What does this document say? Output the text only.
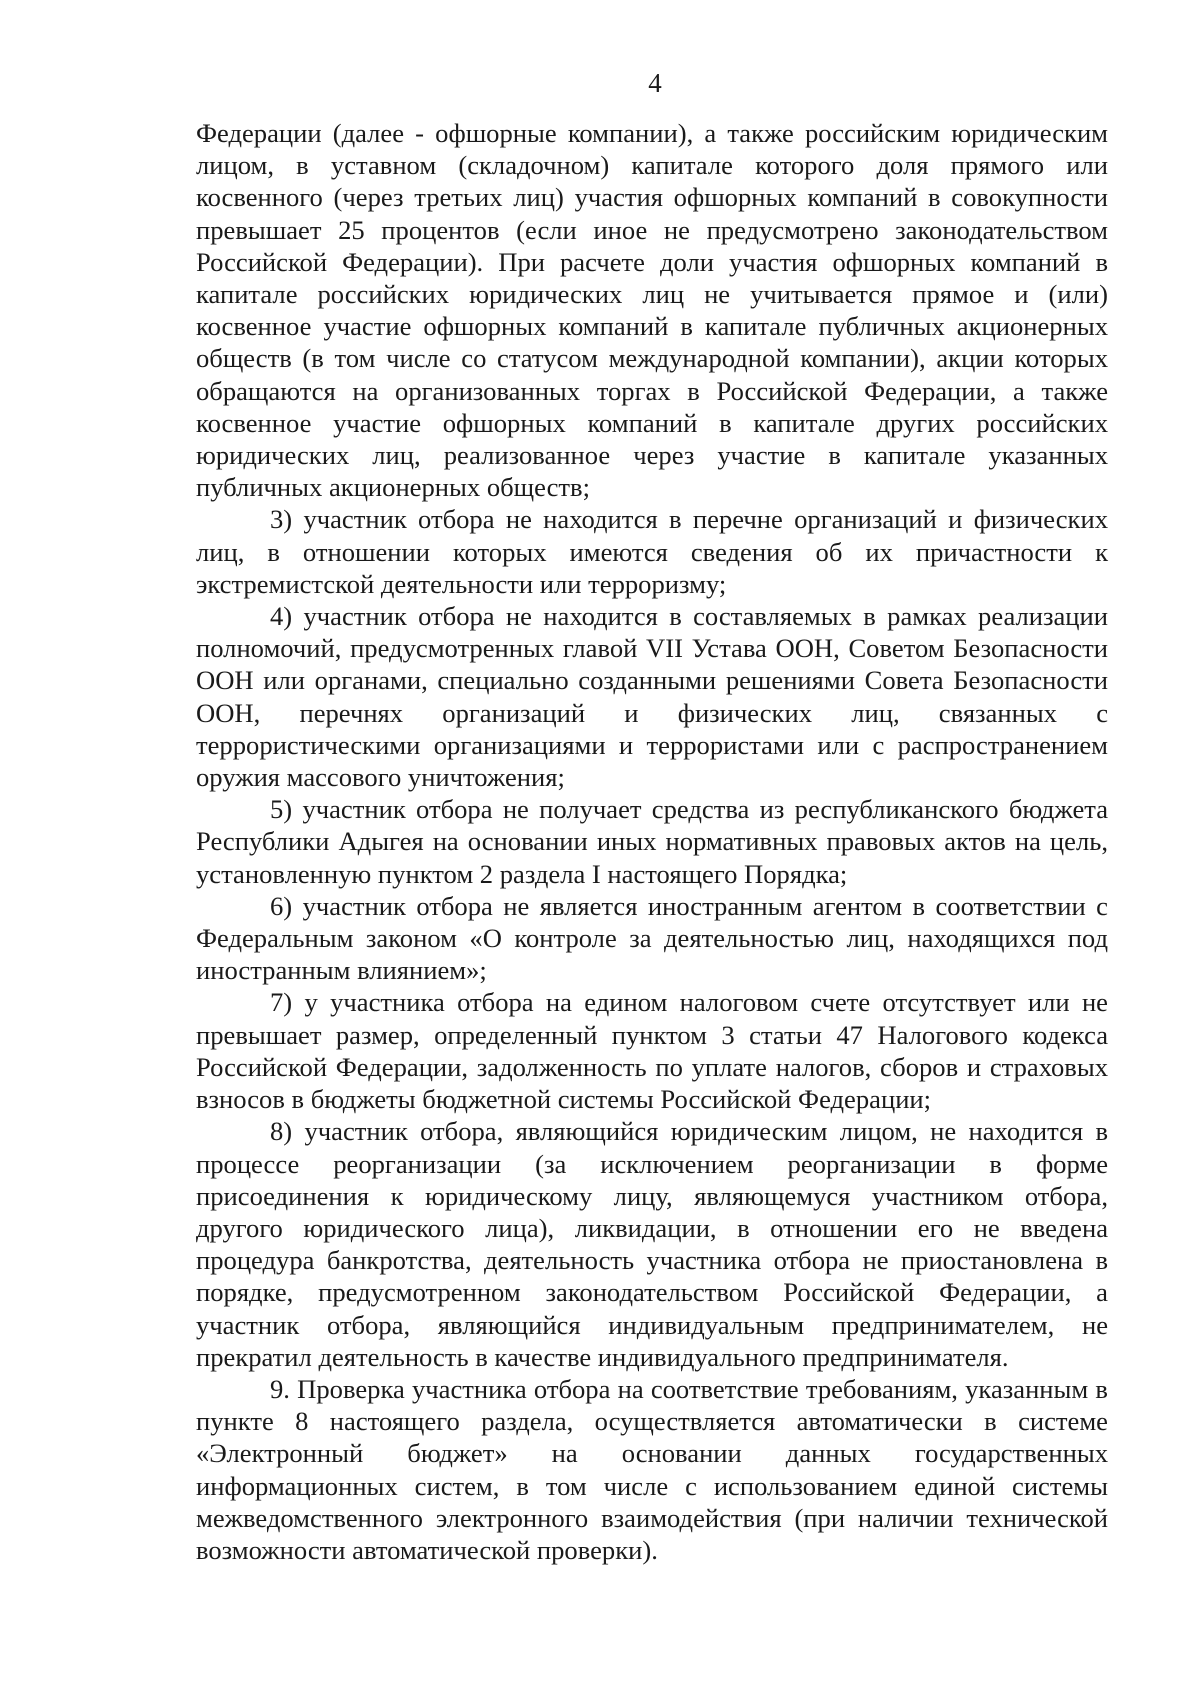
4

Федерации (далее - офшорные компании), а также российским юридическим лицом, в уставном (складочном) капитале которого доля прямого или косвенного (через третьих лиц) участия офшорных компаний в совокупности превышает 25 процентов (если иное не предусмотрено законодательством Российской Федерации). При расчете доли участия офшорных компаний в капитале российских юридических лиц не учитывается прямое и (или) косвенное участие офшорных компаний в капитале публичных акционерных обществ (в том числе со статусом международной компании), акции которых обращаются на организованных торгах в Российской Федерации, а также косвенное участие офшорных компаний в капитале других российских юридических лиц, реализованное через участие в капитале указанных публичных акционерных обществ;

3) участник отбора не находится в перечне организаций и физических лиц, в отношении которых имеются сведения об их причастности к экстремистской деятельности или терроризму;

4) участник отбора не находится в составляемых в рамках реализации полномочий, предусмотренных главой VII Устава ООН, Советом Безопасности ООН или органами, специально созданными решениями Совета Безопасности ООН, перечнях организаций и физических лиц, связанных с террористическими организациями и террористами или с распространением оружия массового уничтожения;

5) участник отбора не получает средства из республиканского бюджета Республики Адыгея на основании иных нормативных правовых актов на цель, установленную пунктом 2 раздела I настоящего Порядка;

6) участник отбора не является иностранным агентом в соответствии с Федеральным законом «О контроле за деятельностью лиц, находящихся под иностранным влиянием»;

7) у участника отбора на едином налоговом счете отсутствует или не превышает размер, определенный пунктом 3 статьи 47 Налогового кодекса Российской Федерации, задолженность по уплате налогов, сборов и страховых взносов в бюджеты бюджетной системы Российской Федерации;

8) участник отбора, являющийся юридическим лицом, не находится в процессе реорганизации (за исключением реорганизации в форме присоединения к юридическому лицу, являющемуся участником отбора, другого юридического лица), ликвидации, в отношении его не введена процедура банкротства, деятельность участника отбора не приостановлена в порядке, предусмотренном законодательством Российской Федерации, а участник отбора, являющийся индивидуальным предпринимателем, не прекратил деятельность в качестве индивидуального предпринимателя.

9. Проверка участника отбора на соответствие требованиям, указанным в пункте 8 настоящего раздела, осуществляется автоматически в системе «Электронный бюджет» на основании данных государственных информационных систем, в том числе с использованием единой системы межведомственного электронного взаимодействия (при наличии технической возможности автоматической проверки).
